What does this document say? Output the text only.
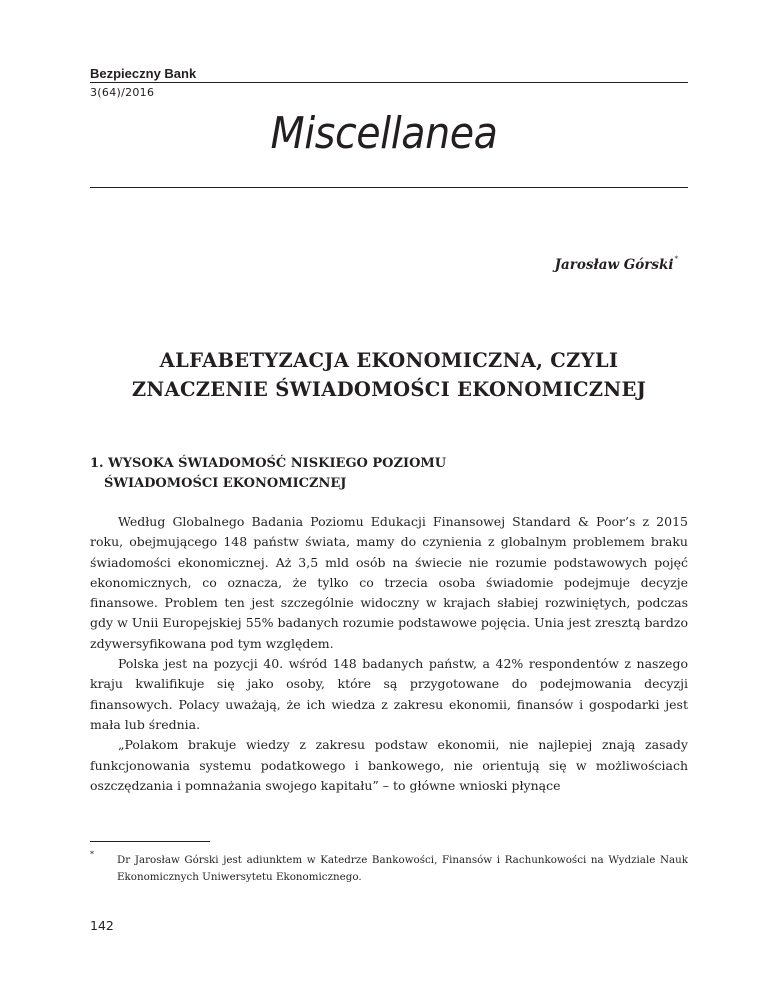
Bezpieczny Bank
3(64)/2016
Miscellanea
Jarosław Górski*
ALFABETYZACJA EKONOMICZNA, CZYLI
ZNACZENIE ŚWIADOMOŚCI EKONOMICZNEJ
1. WYSOKA ŚWIADOMOŚĆ NISKIEGO POZIOMU
ŚWIADOMOŚCI EKONOMICZNEJ

Według Globalnego Badania Poziomu Edukacji Finansowej Standard & Poor’s z 2015 roku, obejmującego 148 państw świata, mamy do czynienia z globalnym problemem braku świadomości ekonomicznej. Aż 3,5 mld osób na świecie nie rozumie podstawowych pojęć ekonomicznych, co oznacza, że tylko co trzecia osoba świadomie podejmuje decyzje finansowe. Problem ten jest szczególnie widoczny w krajach słabiej rozwiniętych, podczas gdy w Unii Europejskiej 55% badanych rozumie podstawowe pojęcia. Unia jest zresztą bardzo zdywersyfikowana pod tym względem.

Polska jest na pozycji 40. wśród 148 badanych państw, a 42% respondentów z naszego kraju kwalifikuje się jako osoby, które są przygotowane do podejmowania decyzji finansowych. Polacy uważają, że ich wiedza z zakresu ekonomii, finansów i gospodarki jest mała lub średnia.

„Polakom brakuje wiedzy z zakresu podstaw ekonomii, nie najlepiej znają zasady funkcjonowania systemu podatkowego i bankowego, nie orientują się w możliwościach oszczędzania i pomnażania swojego kapitału” – to główne wnioski płynące

* Dr Jarosław Górski jest adiunktem w Katedrze Bankowości, Finansów i Rachunkowości na Wydziale Nauk Ekonomicznych Uniwersytetu Ekonomicznego.
142
